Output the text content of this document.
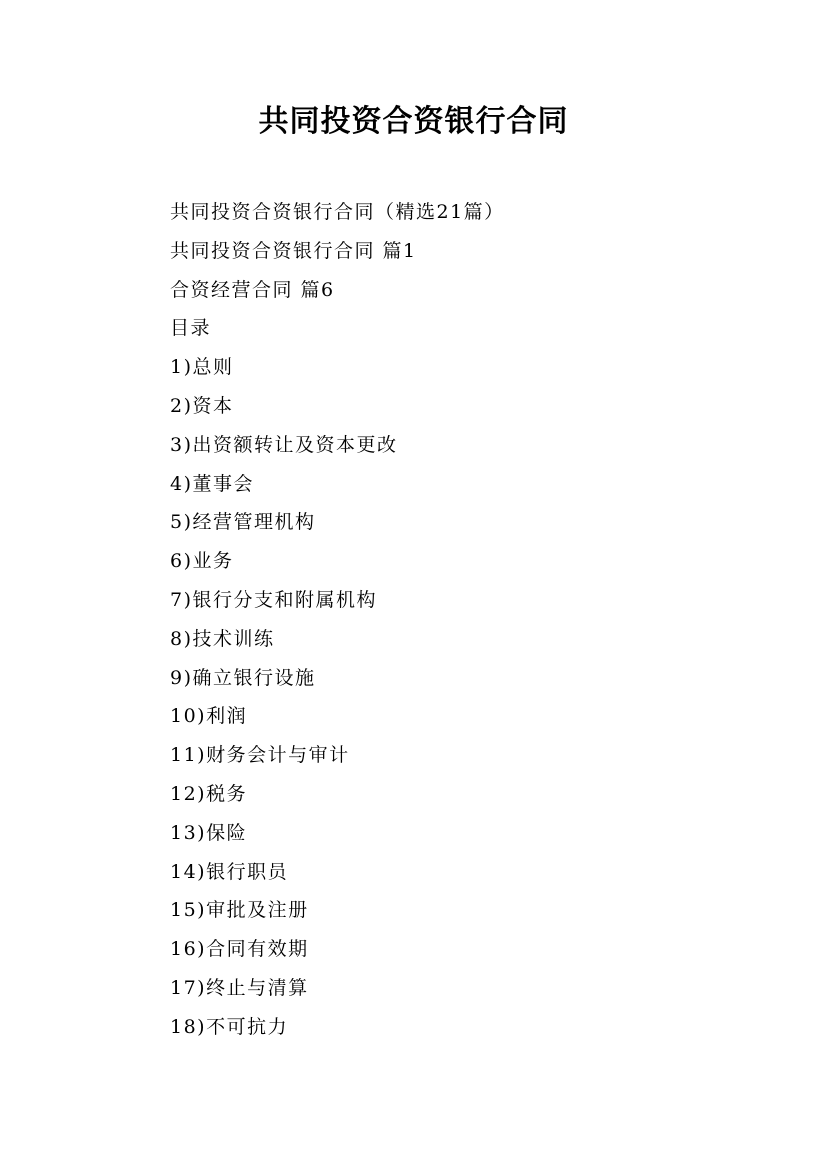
共同投资合资银行合同
共同投资合资银行合同（精选21篇）
共同投资合资银行合同 篇1
合资经营合同 篇6
目录
1)总则
2)资本
3)出资额转让及资本更改
4)董事会
5)经营管理机构
6)业务
7)银行分支和附属机构
8)技术训练
9)确立银行设施
10)利润
11)财务会计与审计
12)税务
13)保险
14)银行职员
15)审批及注册
16)合同有效期
17)终止与清算
18)不可抗力
